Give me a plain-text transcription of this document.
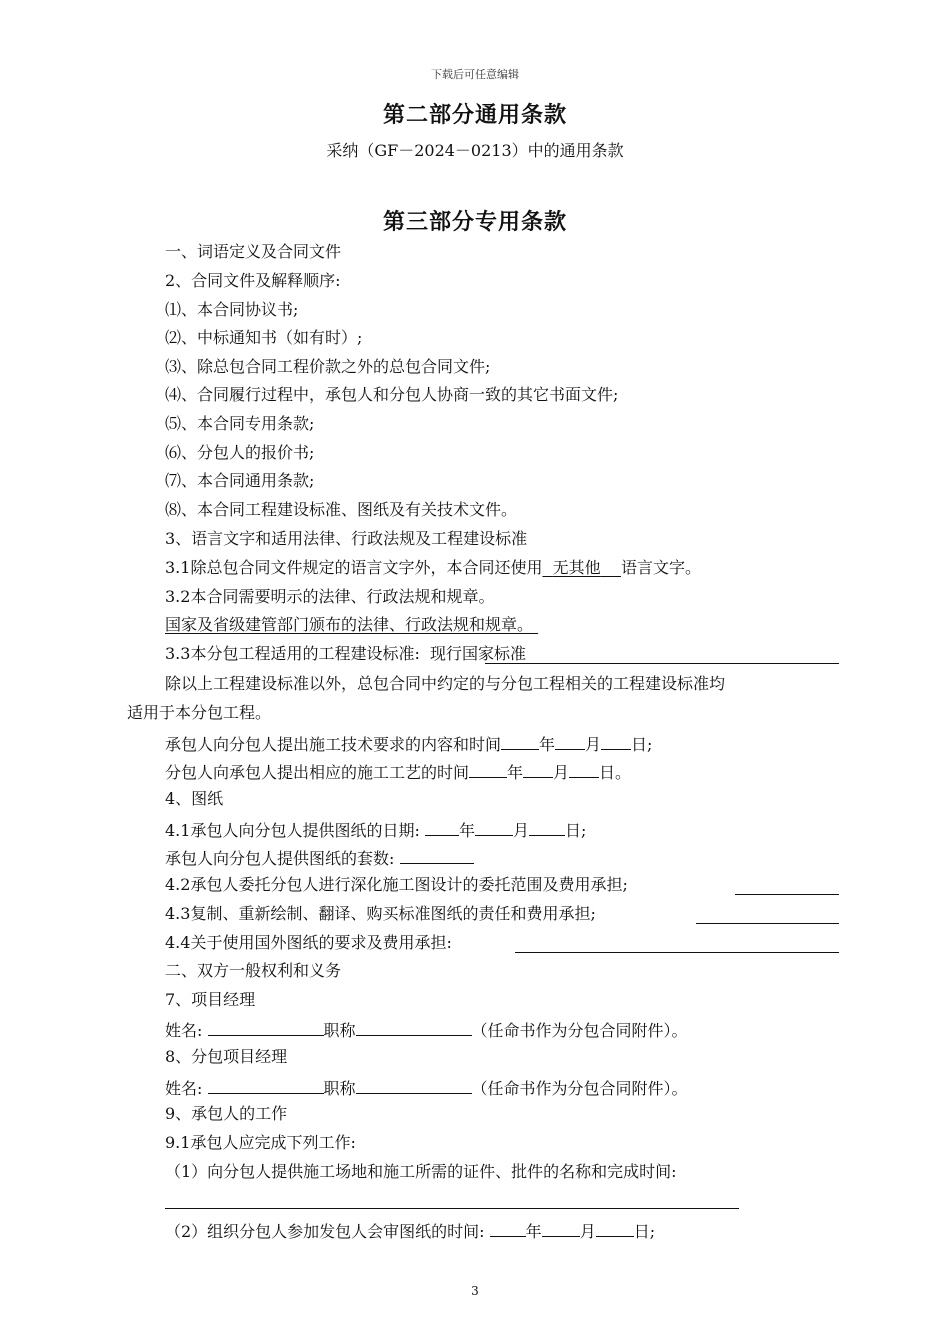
下载后可任意编辑
第二部分通用条款
采纳（GF－2024－0213）中的通用条款
第三部分专用条款
一、词语定义及合同文件
2、合同文件及解释顺序:
⑴、本合同协议书;
⑵、中标通知书（如有时）;
⑶、除总包合同工程价款之外的总包合同文件;
⑷、合同履行过程中，承包人和分包人协商一致的其它书面文件;
⑸、本合同专用条款;
⑹、分包人的报价书;
⑺、本合同通用条款;
⑻、本合同工程建设标准、图纸及有关技术文件。
3、语言文字和适用法律、行政法规及工程建设标准
3.1除总包合同文件规定的语言文字外，本合同还使用 无其他 语言文字。
3.2本合同需要明示的法律、行政法规和规章。
国家及省级建管部门颁布的法律、行政法规和规章。
3.3本分包工程适用的工程建设标准: 现行国家标准
除以上工程建设标准以外，总包合同中约定的与分包工程相关的工程建设标准均
适用于本分包工程。
承包人向分包人提出施工技术要求的内容和时间 年 月 日;
分包人向承包人提出相应的施工工艺的时间 年 月 日。
4、图纸
4.1承包人向分包人提供图纸的日期: 年 月 日;
承包人向分包人提供图纸的套数:
4.2承包人委托分包人进行深化施工图设计的委托范围及费用承担;
4.3复制、重新绘制、翻译、购买标准图纸的责任和费用承担;
4.4关于使用国外图纸的要求及费用承担:
二、双方一般权利和义务
7、项目经理
姓名:	职称	（任命书作为分包合同附件）。
8、分包项目经理
姓名:	职称	（任命书作为分包合同附件）。
9、承包人的工作
9.1承包人应完成下列工作:
（1）向分包人提供施工场地和施工所需的证件、批件的名称和完成时间:
（2）组织分包人参加发包人会审图纸的时间:	年 月 日;
3
